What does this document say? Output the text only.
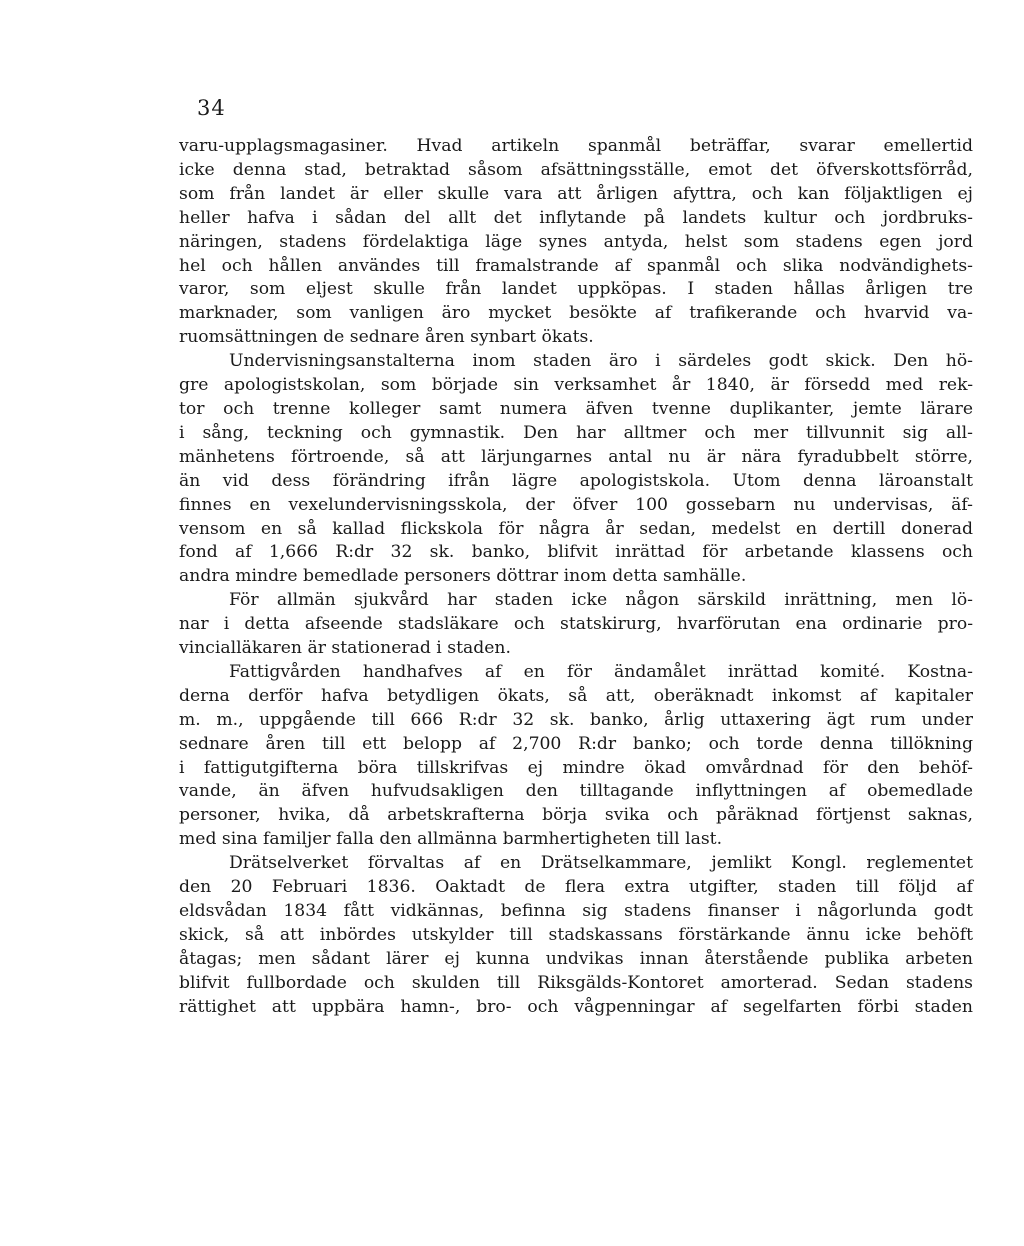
34
varu-upplagsmagasiner. Hvad artikeln spanmål beträffar, svarar emellertid
icke denna stad, betraktad såsom afsättningsställe, emot det öfverskottsförråd,
som från landet är eller skulle vara att årligen afyttra, och kan följaktligen ej
heller hafva i sådan del allt det inflytande på landets kultur och jordbruks-
näringen, stadens fördelaktiga läge synes antyda, helst som stadens egen jord
hel och hållen användes till framalstrande af spanmål och slika nodvändighets-
varor, som eljest skulle från landet uppköpas. I staden hållas årligen tre
marknader, som vanligen äro mycket besökte af trafikerande och hvarvid va-
ruomsättningen de sednare åren synbart ökats.
Undervisningsanstalterna inom staden äro i särdeles godt skick. Den hö-
gre apologistskolan, som började sin verksamhet år 1840, är försedd med rek-
tor och trenne kolleger samt numera äfven tvenne duplikanter, jemte lärare
i sång, teckning och gymnastik. Den har alltmer och mer tillvunnit sig all-
mänhetens förtroende, så att lärjungarnes antal nu är nära fyradubbelt större,
än vid dess förändring ifrån lägre apologistskola. Utom denna läroanstalt
finnes en vexelundervisningsskola, der öfver 100 gossebarn nu undervisas, äf-
vensom en så kallad flickskola för några år sedan, medelst en dertill donerad
fond af 1,666 R:dr 32 sk. banko, blifvit inrättad för arbetande klassens och
andra mindre bemedlade personers döttrar inom detta samhälle.
För allmän sjukvård har staden icke någon särskild inrättning, men lö-
nar i detta afseende stadsläkare och statskirurg, hvarförutan ena ordinarie pro-
vincialläkaren är stationerad i staden.
Fattigvården handhafves af en för ändamålet inrättad komité. Kostna-
derna derför hafva betydligen ökats, så att, oberäknadt inkomst af kapitaler
m. m., uppgående till 666 R:dr 32 sk. banko, årlig uttaxering ägt rum under
sednare åren till ett belopp af 2,700 R:dr banko; och torde denna tillökning
i fattigutgifterna böra tillskrifvas ej mindre ökad omvårdnad för den behöf-
vande, än äfven hufvudsakligen den tilltagande inflyttningen af obemedlade
personer, hvika, då arbetskrafterna börja svika och påräknad förtjenst saknas,
med sina familjer falla den allmänna barmhertigheten till last.
Drätselverket förvaltas af en Drätselkammare, jemlikt Kongl. reglementet
den 20 Februari 1836. Oaktadt de flera extra utgifter, staden till följd af
eldsvådan 1834 fått vidkännas, befinna sig stadens finanser i någorlunda godt
skick, så att inbördes utskylder till stadskassans förstärkande ännu icke behöft
åtagas; men sådant lärer ej kunna undvikas innan återstående publika arbeten
blifvit fullbordade och skulden till Riksgälds-Kontoret amorterad. Sedan stadens
rättighet att uppbära hamn-, bro- och vågpenningar af segelfarten förbi staden
